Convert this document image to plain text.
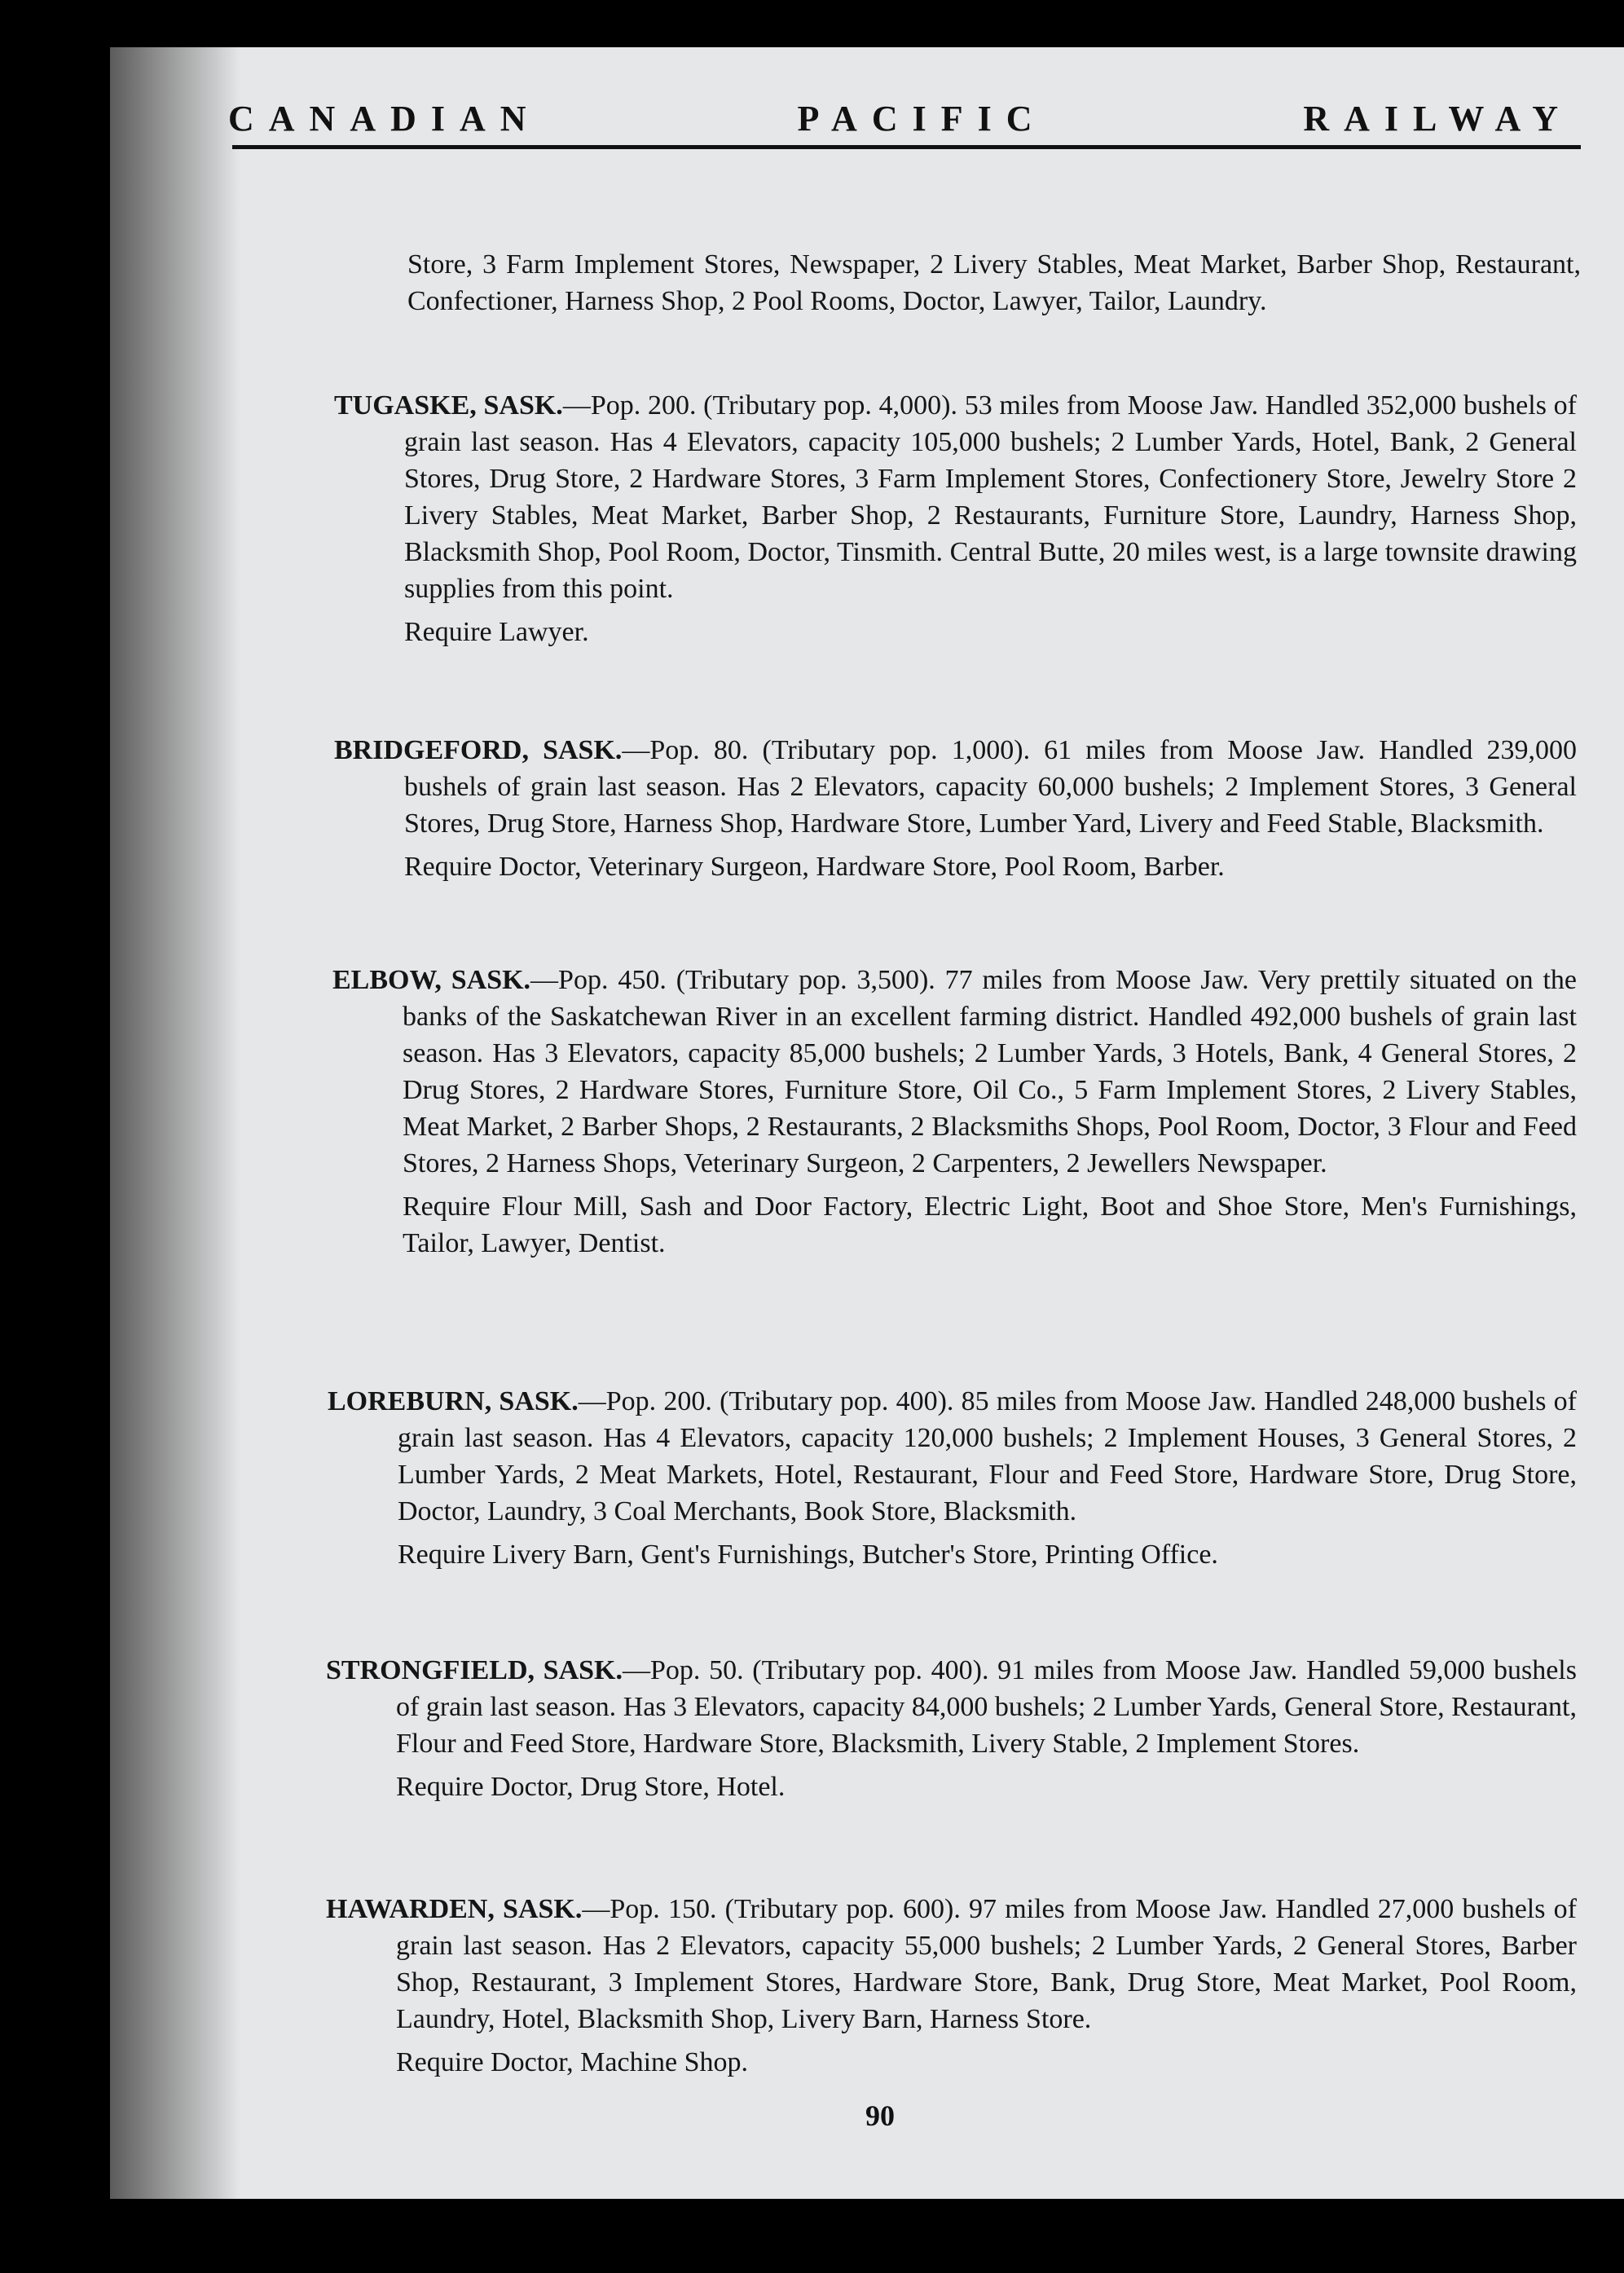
CANADIAN	PACIFIC	RAILWAY

Store, 3 Farm Implement Stores, Newspaper, 2 Livery Stables, Meat Market, Barber Shop, Restaurant, Confectioner, Harness Shop, 2 Pool Rooms, Doctor, Lawyer, Tailor, Laundry.

TUGASKE, SASK.—Pop. 200. (Tributary pop. 4,000). 53 miles from Moose Jaw. Handled 352,000 bushels of grain last season. Has 4 Elevators, capacity 105,000 bushels; 2 Lumber Yards, Hotel, Bank, 2 General Stores, Drug Store, 2 Hardware Stores, 3 Farm Implement Stores, Confectionery Store, Jewelry Store 2 Livery Stables, Meat Market, Barber Shop, 2 Restaurants, Furniture Store, Laundry, Harness Shop, Blacksmith Shop, Pool Room, Doctor, Tinsmith. Central Butte, 20 miles west, is a large townsite drawing supplies from this point.

Require Lawyer.

BRIDGEFORD, SASK.—Pop. 80. (Tributary pop. 1,000). 61 miles from Moose Jaw. Handled 239,000 bushels of grain last season. Has 2 Elevators, capacity 60,000 bushels; 2 Implement Stores, 3 General Stores, Drug Store, Harness Shop, Hardware Store, Lumber Yard, Livery and Feed Stable, Blacksmith.

Require Doctor, Veterinary Surgeon, Hardware Store, Pool Room, Barber.

ELBOW, SASK.—Pop. 450. (Tributary pop. 3,500). 77 miles from Moose Jaw. Very prettily situated on the banks of the Saskatchewan River in an excellent farming district. Handled 492,000 bushels of grain last season. Has 3 Elevators, capacity 85,000 bushels; 2 Lumber Yards, 3 Hotels, Bank, 4 General Stores, 2 Drug Stores, 2 Hardware Stores, Furniture Store, Oil Co., 5 Farm Implement Stores, 2 Livery Stables, Meat Market, 2 Barber Shops, 2 Restaurants, 2 Blacksmiths Shops, Pool Room, Doctor, 3 Flour and Feed Stores, 2 Harness Shops, Veterinary Surgeon, 2 Carpenters, 2 Jewellers Newspaper.

Require Flour Mill, Sash and Door Factory, Electric Light, Boot and Shoe Store, Men's Furnishings, Tailor, Lawyer, Dentist.

LOREBURN, SASK.—Pop. 200. (Tributary pop. 400). 85 miles from Moose Jaw. Handled 248,000 bushels of grain last season. Has 4 Elevators, capacity 120,000 bushels; 2 Implement Houses, 3 General Stores, 2 Lumber Yards, 2 Meat Markets, Hotel, Restaurant, Flour and Feed Store, Hardware Store, Drug Store, Doctor, Laundry, 3 Coal Merchants, Book Store, Blacksmith.

Require Livery Barn, Gent's Furnishings, Butcher's Store, Printing Office.

STRONGFIELD, SASK.—Pop. 50. (Tributary pop. 400). 91 miles from Moose Jaw. Handled 59,000 bushels of grain last season. Has 3 Elevators, capacity 84,000 bushels; 2 Lumber Yards, General Store, Restaurant, Flour and Feed Store, Hardware Store, Blacksmith, Livery Stable, 2 Implement Stores.

Require Doctor, Drug Store, Hotel.

HAWARDEN, SASK.—Pop. 150. (Tributary pop. 600). 97 miles from Moose Jaw. Handled 27,000 bushels of grain last season. Has 2 Elevators, capacity 55,000 bushels; 2 Lumber Yards, 2 General Stores, Barber Shop, Restaurant, 3 Implement Stores, Hardware Store, Bank, Drug Store, Meat Market, Pool Room, Laundry, Hotel, Blacksmith Shop, Livery Barn, Harness Store.

Require Doctor, Machine Shop.

90
